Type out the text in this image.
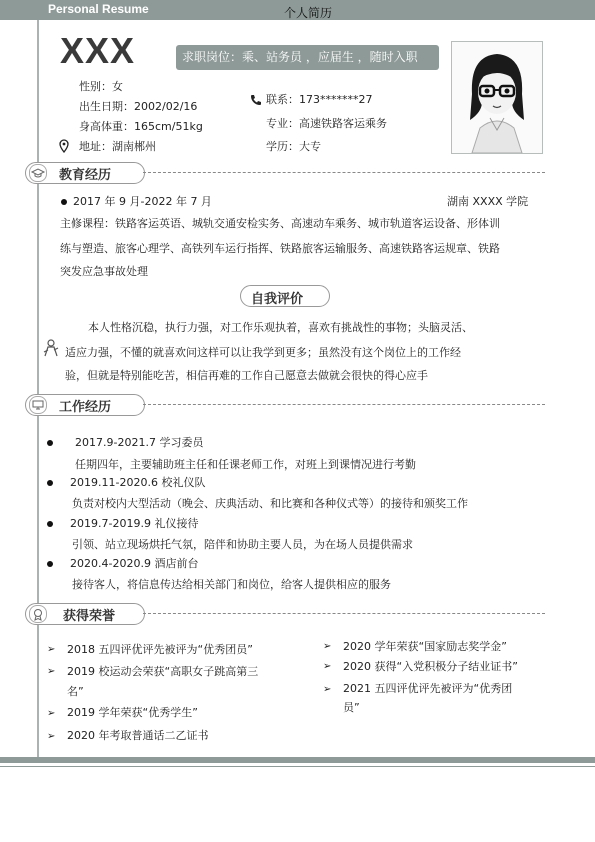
Personal Resume	个人简历
XXX	求职岗位：乘、站务员 ，应届生 ，随时入职
性别：女
出生日期：2002/02/16
身高体重：165cm/51kg
地址：湖南郴州
联系：173*******27
专业：高速铁路客运乘务
学历：大专
教育经历
2017 年 9 月-2022 年 7 月	湖南 XXXX 学院
主修课程：铁路客运英语、城轨交通安检实务、高速动车乘务、城市轨道客运设备、形体训
练与塑造、旅客心理学、高铁列车运行指挥、铁路旅客运输服务、高速铁路客运规章、铁路
突发应急事故处理
自我评价
本人性格沉稳，执行力强，对工作乐观执着，喜欢有挑战性的事物；头脑灵活、
适应力强，不懂的就喜欢问这样可以让我学到更多；虽然没有这个岗位上的工作经
验，但就是特别能吃苦，相信再难的工作自己愿意去做就会很快的得心应手
工作经历
2017.9-2021.7 学习委员
任期四年，主要辅助班主任和任课老师工作，对班上到课情况进行考勤
2019.11-2020.6 校礼仪队
负责对校内大型活动（晚会、庆典活动、和比赛和各种仪式等）的接待和颁奖工作
2019.7-2019.9 礼仪接待
引领、站立现场烘托气氛，陪伴和协助主要人员，为在场人员提供需求
2020.4-2020.9 酒店前台
接待客人，将信息传达给相关部门和岗位，给客人提供相应的服务
获得荣誉
➢ 2018 五四评优评先被评为“优秀团员”
➢ 2019 校运动会荣获“高职女子跳高第三
名”
➢ 2019 学年荣获“优秀学生”
➢ 2020 年考取普通话二乙证书
➢ 2020 学年荣获“国家励志奖学金”
➢ 2020 获得“入党积极分子结业证书”
➢ 2021 五四评优评先被评为“优秀团
员”
